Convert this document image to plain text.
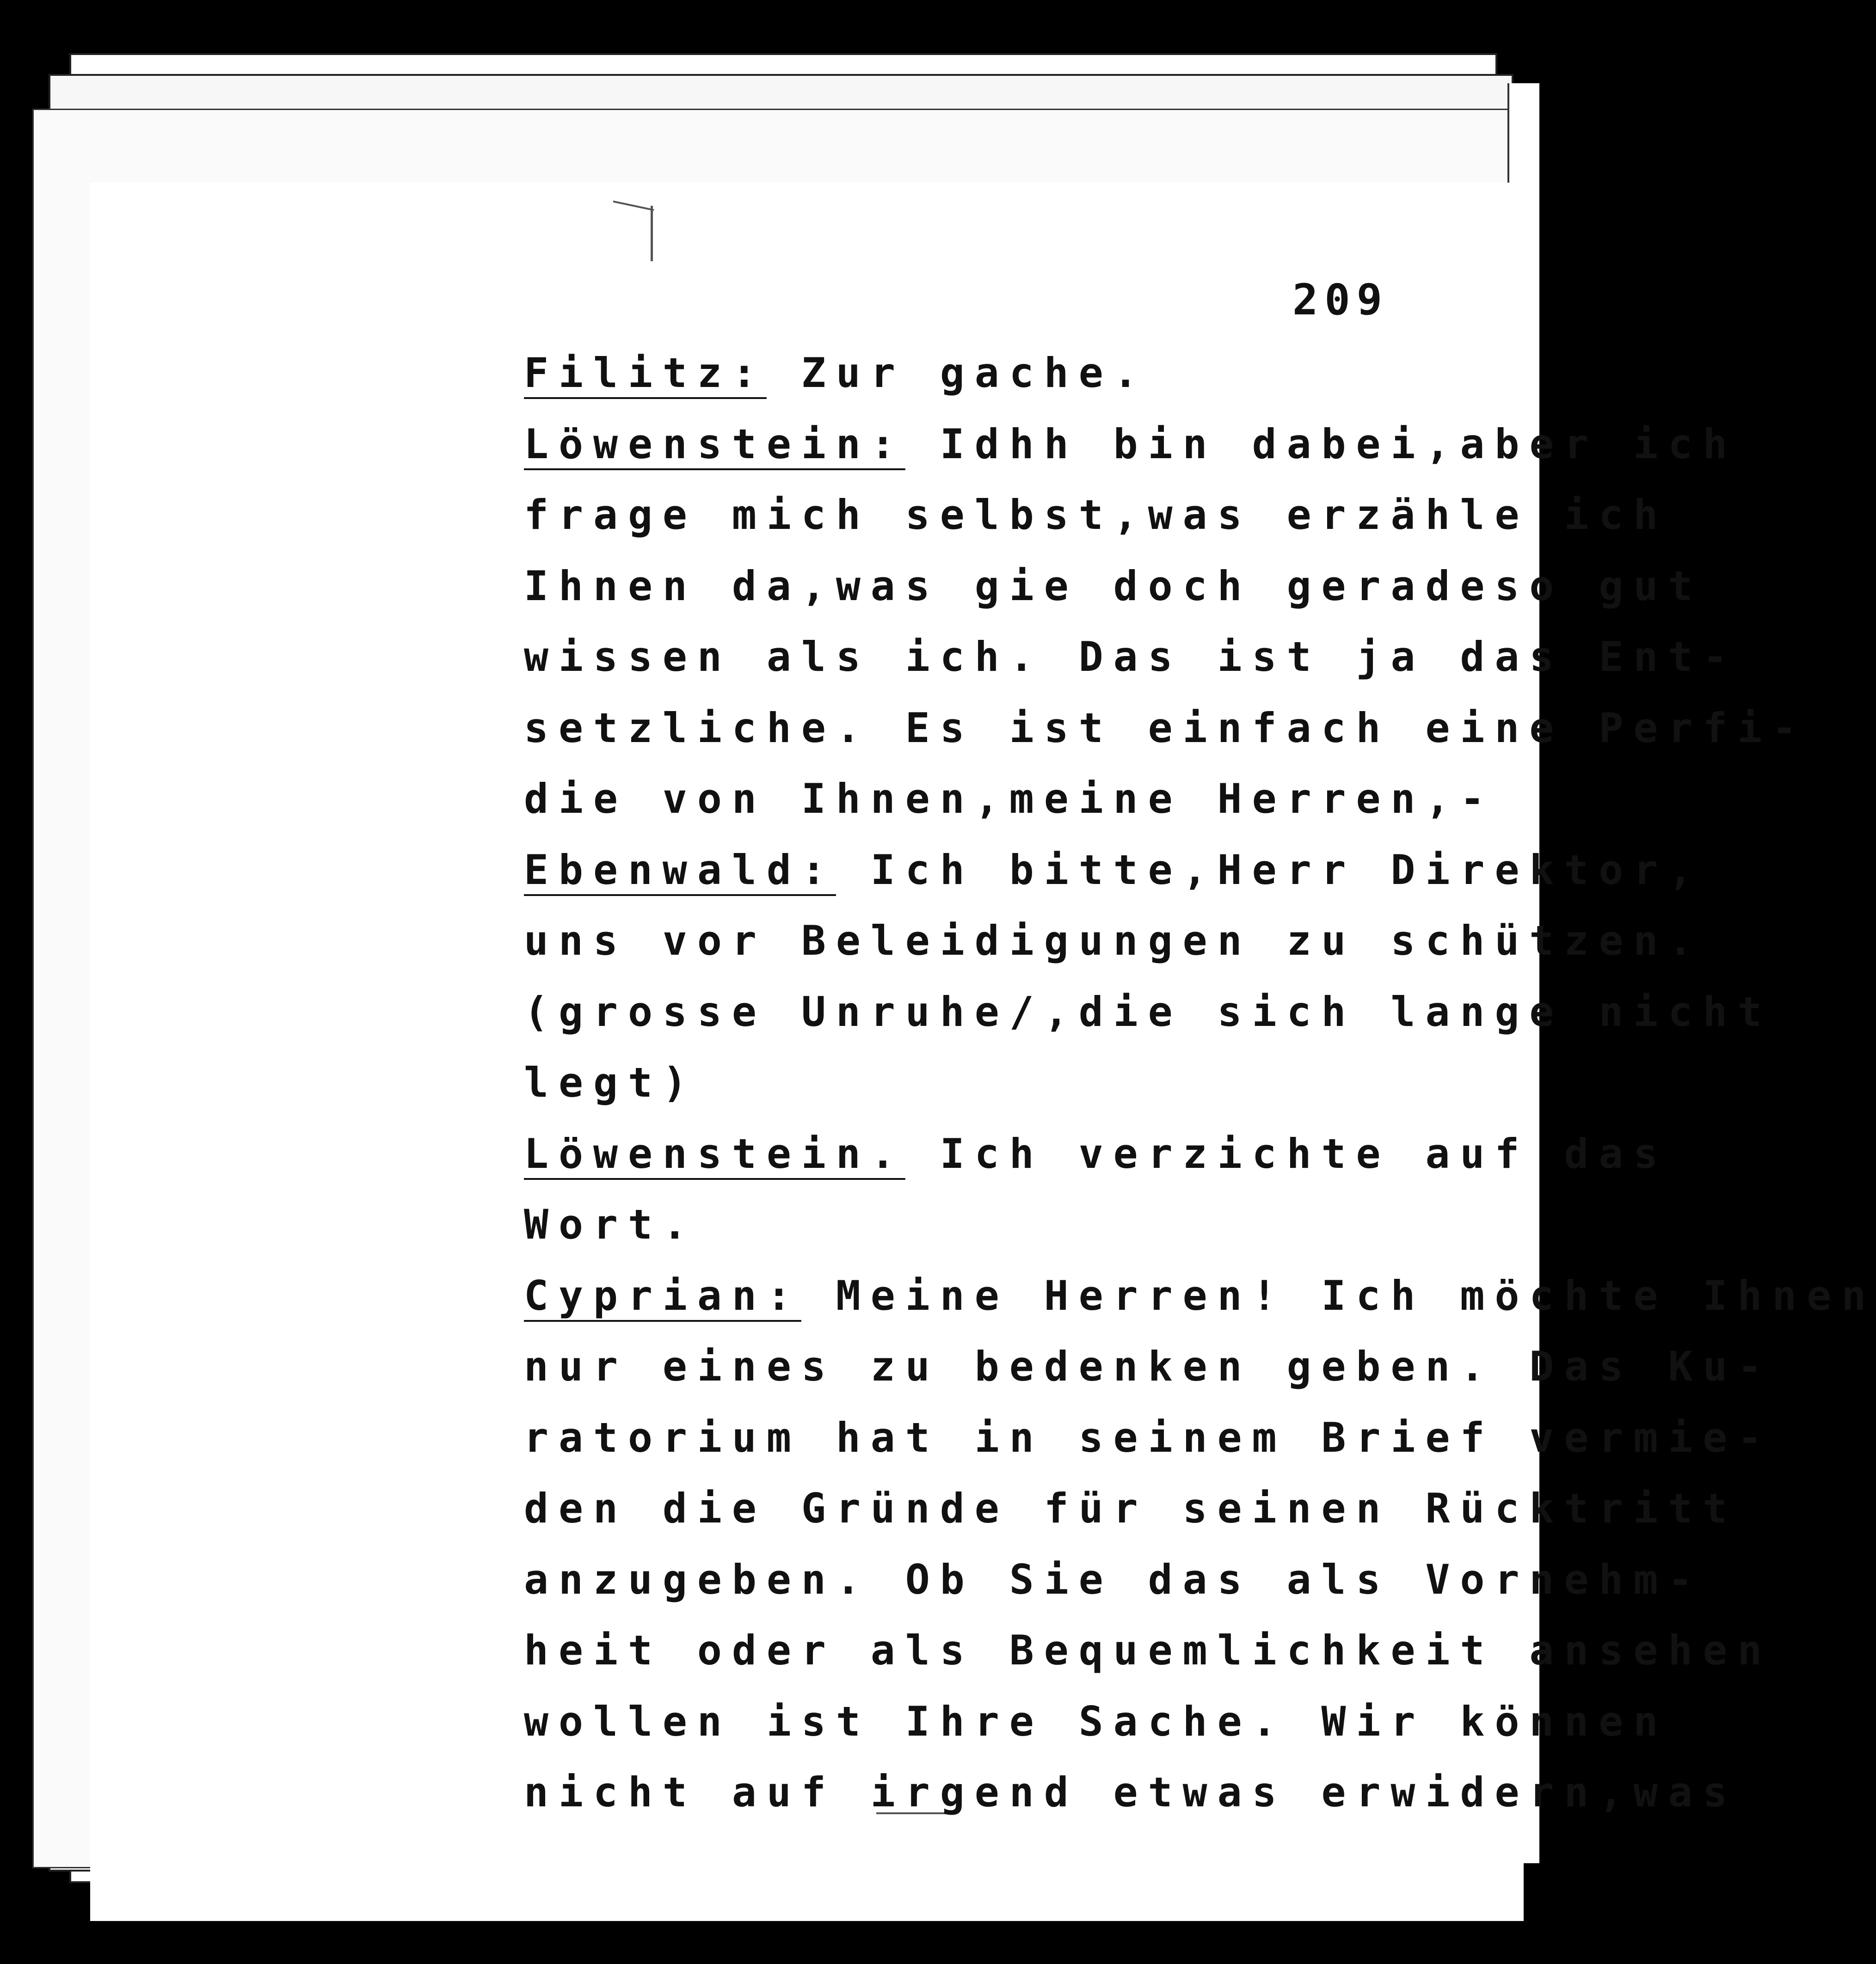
209
Filitz: Zur gache.
Löwenstein: Idhh bin dabei,aber ich
frage mich selbst,was erzähle ich
Ihnen da,was gie doch geradeso gut
wissen als ich. Das ist ja das Ent-
setzliche. Es ist einfach eine Perfi-
die von Ihnen,meine Herren,-
Ebenwald: Ich bitte,Herr Direktor,
uns vor Beleidigungen zu schützen.
(grosse Unruhe/,die sich lange nicht
legt)
Löwenstein. Ich verzichte auf das
Wort.
Cyprian: Meine Herren! Ich möchte Ihnen
nur eines zu bedenken geben. Das Ku-
ratorium hat in seinem Brief vermie-
den die Gründe für seinen Rücktritt
anzugeben. Ob Sie das als Vornehm-
heit oder als Bequemlichkeit ansehen
wollen ist Ihre Sache. Wir können
nicht auf irgend etwas erwidern,was
